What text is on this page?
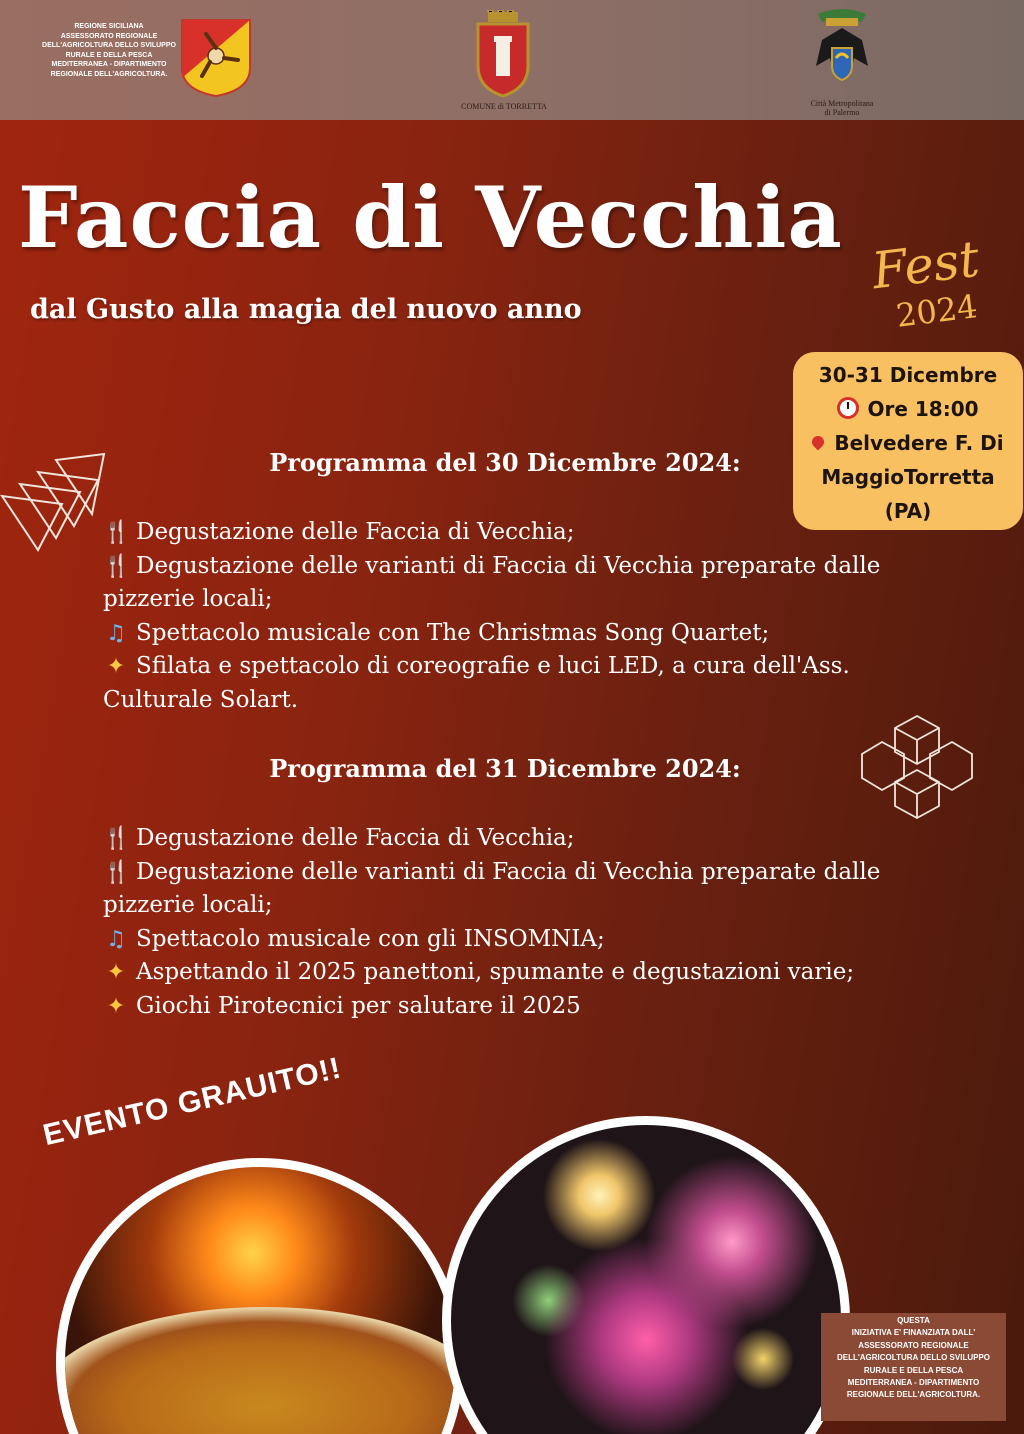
REGIONE SICILIANA
ASSESSORATO REGIONALE
DELL'AGRICOLTURA DELLO SVILUPPO
RURALE E DELLA PESCA
MEDITERRANEA - DIPARTIMENTO
REGIONALE DELL'AGRICOLTURA.
COMUNE di TORRETTA	Città Metropolitana
di Palermo
Faccia di Vecchia Fest
2024
dal Gusto alla magia del nuovo anno
30-31 Dicembre
Ore 18:00
Belvedere F. Di
MaggioTorretta
(PA)
Programma del 30 Dicembre 2024:
🍴 Degustazione delle Faccia di Vecchia;
🍴 Degustazione delle varianti di Faccia di Vecchia preparate dalle pizzerie locali;
♫ Spettacolo musicale con The Christmas Song Quartet;
✦ Sfilata e spettacolo di coreografie e luci LED, a cura dell'Ass. Culturale Solart.
Programma del 31 Dicembre 2024:
🍴 Degustazione delle Faccia di Vecchia;
🍴 Degustazione delle varianti di Faccia di Vecchia preparate dalle pizzerie locali;
♫ Spettacolo musicale con gli INSOMNIA;
✦ Aspettando il 2025 panettoni, spumante e degustazioni varie;
✦ Giochi Pirotecnici per salutare il 2025
EVENTO GRAUITO!!
QUESTA
INIZIATIVA E' FINANZIATA DALL'
ASSESSORATO REGIONALE
DELL'AGRICOLTURA DELLO SVILUPPO
RURALE E DELLA PESCA
MEDITERRANEA - DIPARTIMENTO
REGIONALE DELL'AGRICOLTURA.
